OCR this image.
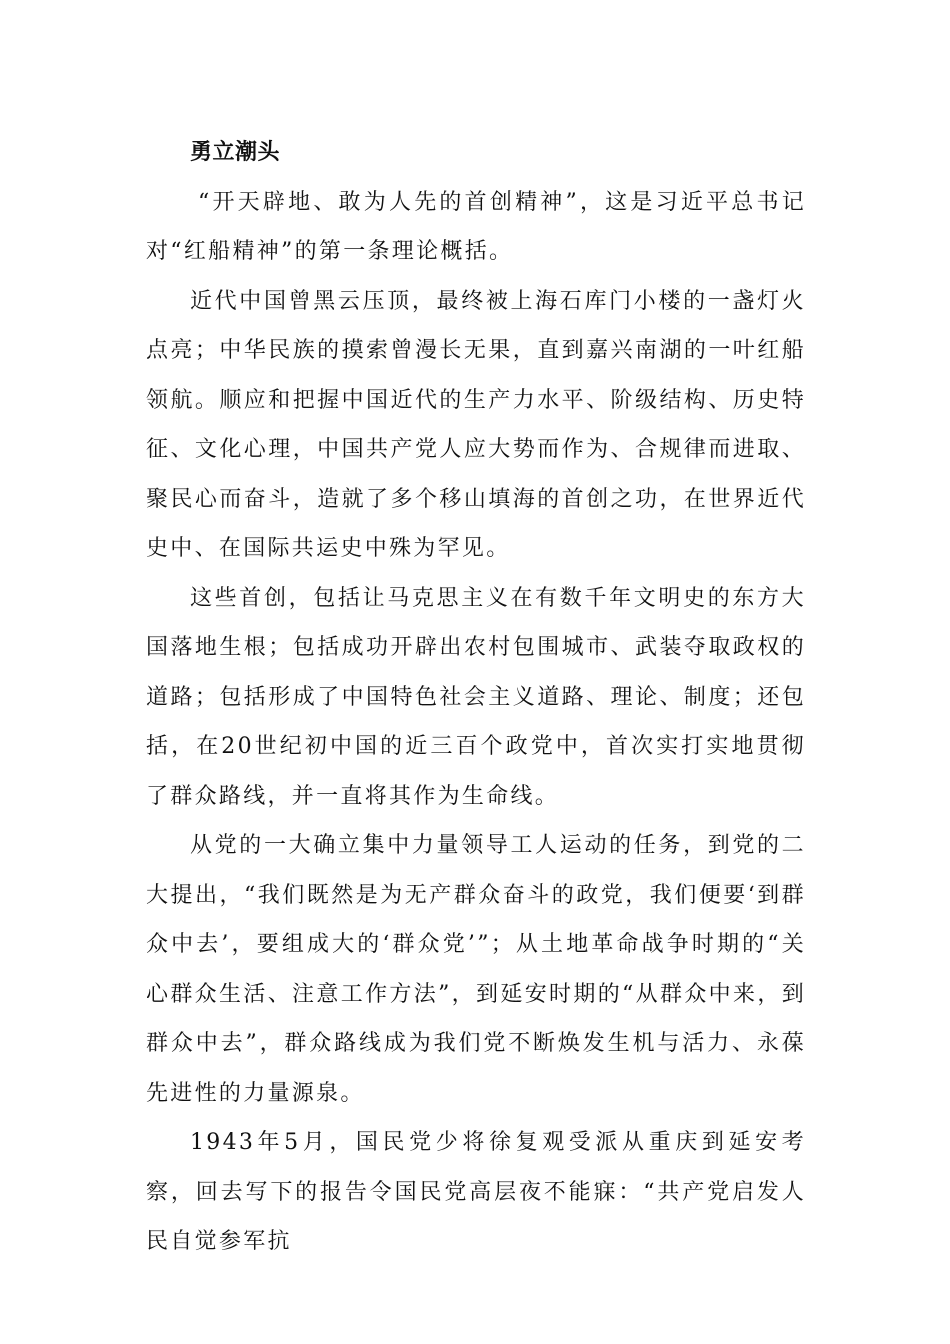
勇立潮头

“开天辟地、敢为人先的首创精神”，这是习近平总书记对“红船精神”的第一条理论概括。

近代中国曾黑云压顶，最终被上海石库门小楼的一盏灯火点亮；中华民族的摸索曾漫长无果，直到嘉兴南湖的一叶红船领航。顺应和把握中国近代的生产力水平、阶级结构、历史特征、文化心理，中国共产党人应大势而作为、合规律而进取、聚民心而奋斗，造就了多个移山填海的首创之功，在世界近代史中、在国际共运史中殊为罕见。

这些首创，包括让马克思主义在有数千年文明史的东方大国落地生根；包括成功开辟出农村包围城市、武装夺取政权的道路；包括形成了中国特色社会主义道路、理论、制度；还包括，在20世纪初中国的近三百个政党中，首次实打实地贯彻了群众路线，并一直将其作为生命线。

从党的一大确立集中力量领导工人运动的任务，到党的二大提出，“我们既然是为无产群众奋斗的政党，我们便要‘到群众中去’，要组成大的‘群众党’”；从土地革命战争时期的“关心群众生活、注意工作方法”，到延安时期的“从群众中来，到群众中去”，群众路线成为我们党不断焕发生机与活力、永葆先进性的力量源泉。

1943年5月，国民党少将徐复观受派从重庆到延安考察，回去写下的报告令国民党高层夜不能寐：“共产党启发人民自觉参军抗
